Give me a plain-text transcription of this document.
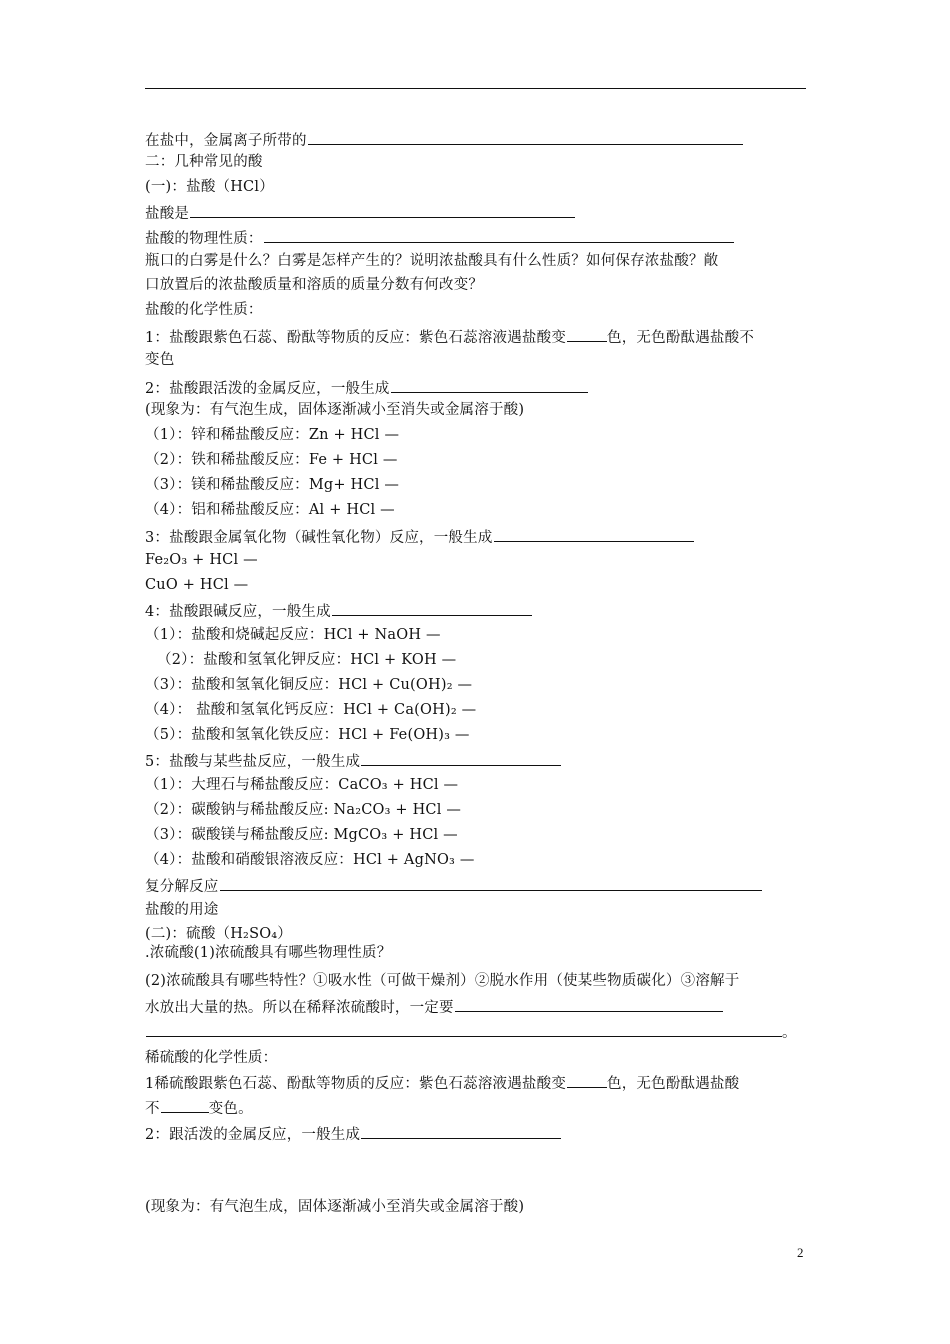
在盐中，金属离子所带的
二：几种常见的酸
(一)：盐酸（HCl）
盐酸是
盐酸的物理性质：
瓶口的白雾是什么？白雾是怎样产生的？说明浓盐酸具有什么性质？如何保存浓盐酸？敞
口放置后的浓盐酸质量和溶质的质量分数有何改变？
盐酸的化学性质：
1：盐酸跟紫色石蕊、酚酞等物质的反应：紫色石蕊溶液遇盐酸变	色，无色酚酞遇盐酸不
变色
2：盐酸跟活泼的金属反应，一般生成
(现象为：有气泡生成，固体逐渐减小至消失或金属溶于酸)
（1）：锌和稀盐酸反应：Zn + HCl —
（2）：铁和稀盐酸反应：Fe + HCl —
（3）：镁和稀盐酸反应：Mg+ HCl —
（4）：铝和稀盐酸反应：Al + HCl —
3：盐酸跟金属氧化物（碱性氧化物）反应，一般生成
Fe₂O₃ + HCl —
CuO + HCl —
4：盐酸跟碱反应，一般生成
（1）：盐酸和烧碱起反应：HCl + NaOH —
（2）：盐酸和氢氧化钾反应：HCl + KOH —
（3）：盐酸和氢氧化铜反应：HCl + Cu(OH)₂ —
（4）： 盐酸和氢氧化钙反应：HCl + Ca(OH)₂ —
（5）：盐酸和氢氧化铁反应：HCl + Fe(OH)₃ —
5：盐酸与某些盐反应，一般生成
（1）：大理石与稀盐酸反应：CaCO₃ + HCl —
（2）：碳酸钠与稀盐酸反应: Na₂CO₃ + HCl —
（3）：碳酸镁与稀盐酸反应: MgCO₃ + HCl —
（4）：盐酸和硝酸银溶液反应：HCl + AgNO₃ —
复分解反应
盐酸的用途
(二)：硫酸（H₂SO₄）
.浓硫酸(1)浓硫酸具有哪些物理性质？
(2)浓硫酸具有哪些特性？①吸水性（可做干燥剂）②脱水作用（使某些物质碳化）③溶解于
水放出大量的热。所以在稀释浓硫酸时，一定要
。
稀硫酸的化学性质：
1稀硫酸跟紫色石蕊、酚酞等物质的反应：紫色石蕊溶液遇盐酸变	色，无色酚酞遇盐酸
不	变色。
2：跟活泼的金属反应，一般生成
(现象为：有气泡生成，固体逐渐减小至消失或金属溶于酸)
2
